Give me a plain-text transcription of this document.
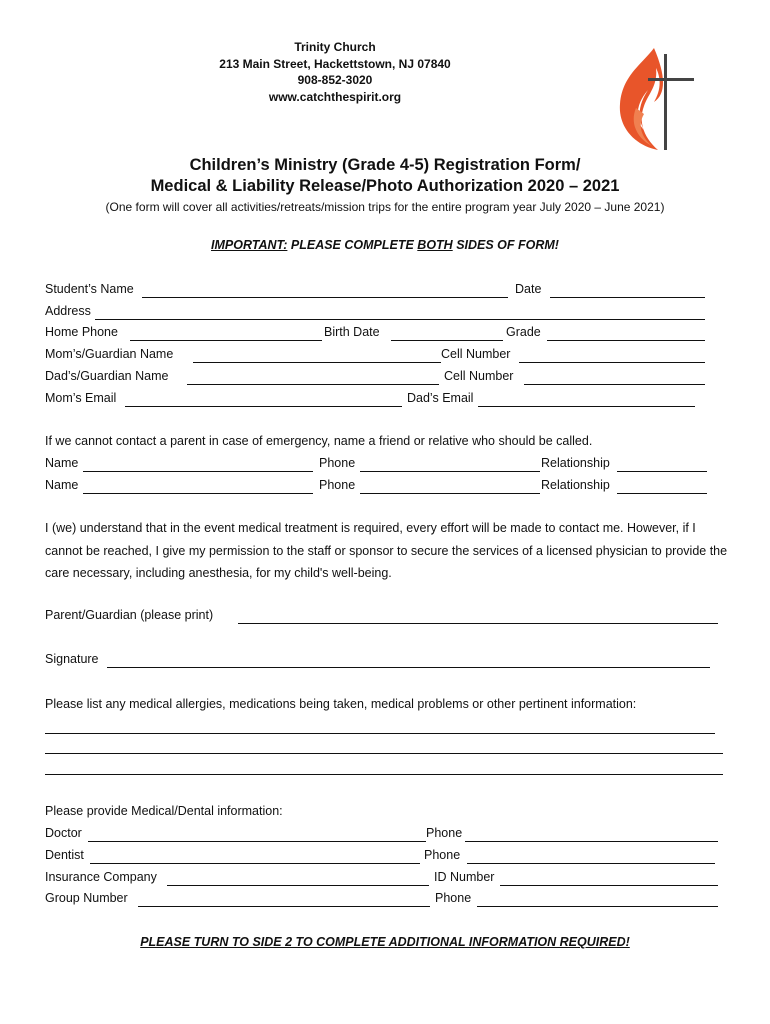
Trinity Church
213 Main Street, Hackettstown, NJ 07840
908-852-3020
www.catchthespirit.org
Children’s Ministry (Grade 4-5) Registration Form/
Medical & Liability Release/Photo Authorization 2020 – 2021
(One form will cover all activities/retreats/mission trips for the entire program year July 2020 – June 2021)
IMPORTANT: PLEASE COMPLETE BOTH SIDES OF FORM!
Student’s Name	Date
Address
Home Phone	Birth Date	Grade
Mom’s/Guardian Name	Cell Number
Dad’s/Guardian Name	Cell Number
Mom’s Email	Dad’s Email
If we cannot contact a parent in case of emergency, name a friend or relative who should be called.
Name	Phone	Relationship
Name	Phone	Relationship
I (we) understand that in the event medical treatment is required, every effort will be made to contact me. However, if I cannot be reached, I give my permission to the staff or sponsor to secure the services of a licensed physician to provide the care necessary, including anesthesia, for my child's well-being.
Parent/Guardian (please print)
Signature
Please list any medical allergies, medications being taken, medical problems or other pertinent information:
Please provide Medical/Dental information:
Doctor	Phone
Dentist	Phone
Insurance Company	ID Number
Group Number	Phone
PLEASE TURN TO SIDE 2 TO COMPLETE ADDITIONAL INFORMATION REQUIRED!
